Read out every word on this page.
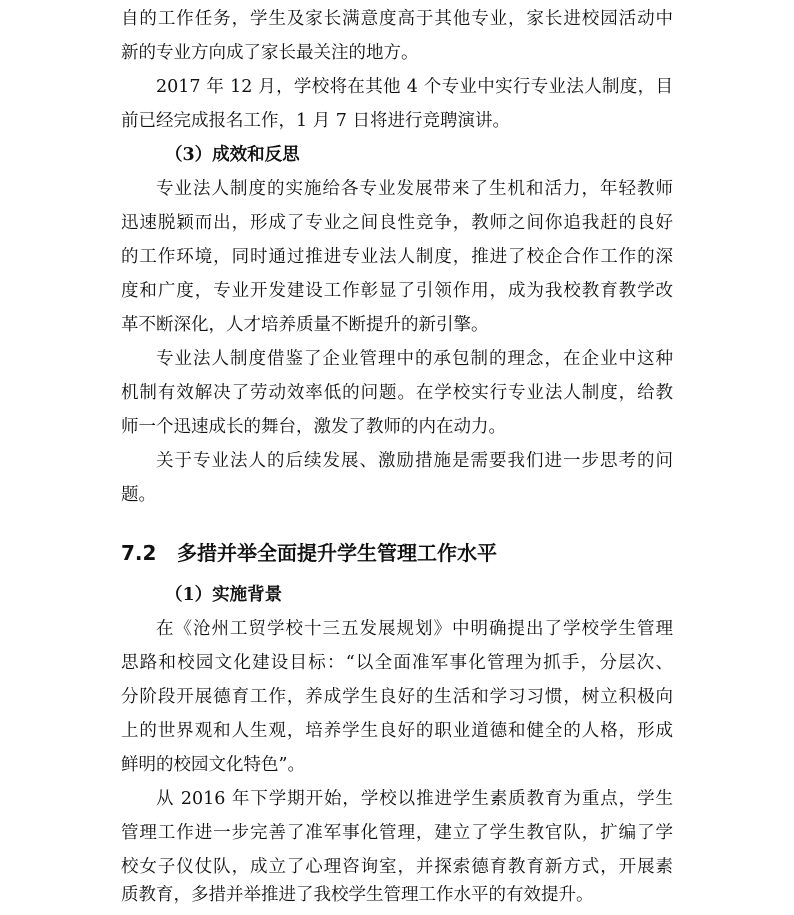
自的工作任务，学生及家长满意度高于其他专业，家长进校园活动中
新的专业方向成了家长最关注的地方。
2017 年 12 月，学校将在其他 4 个专业中实行专业法人制度，目
前已经完成报名工作，1 月 7 日将进行竞聘演讲。
（3）成效和反思
专业法人制度的实施给各专业发展带来了生机和活力，年轻教师
迅速脱颖而出，形成了专业之间良性竞争，教师之间你追我赶的良好
的工作环境，同时通过推进专业法人制度，推进了校企合作工作的深
度和广度，专业开发建设工作彰显了引领作用，成为我校教育教学改
革不断深化，人才培养质量不断提升的新引擎。
专业法人制度借鉴了企业管理中的承包制的理念，在企业中这种
机制有效解决了劳动效率低的问题。在学校实行专业法人制度，给教
师一个迅速成长的舞台，激发了教师的内在动力。
关于专业法人的后续发展、激励措施是需要我们进一步思考的问
题。
7.2 多措并举全面提升学生管理工作水平
（1）实施背景
在《沧州工贸学校十三五发展规划》中明确提出了学校学生管理
思路和校园文化建设目标：“以全面准军事化管理为抓手，分层次、
分阶段开展德育工作，养成学生良好的生活和学习习惯，树立积极向
上的世界观和人生观，培养学生良好的职业道德和健全的人格，形成
鲜明的校园文化特色”。
从 2016 年下学期开始，学校以推进学生素质教育为重点，学生
管理工作进一步完善了准军事化管理，建立了学生教官队，扩编了学
校女子仪仗队，成立了心理咨询室，并探索德育教育新方式，开展素
质教育，多措并举推进了我校学生管理工作水平的有效提升。
